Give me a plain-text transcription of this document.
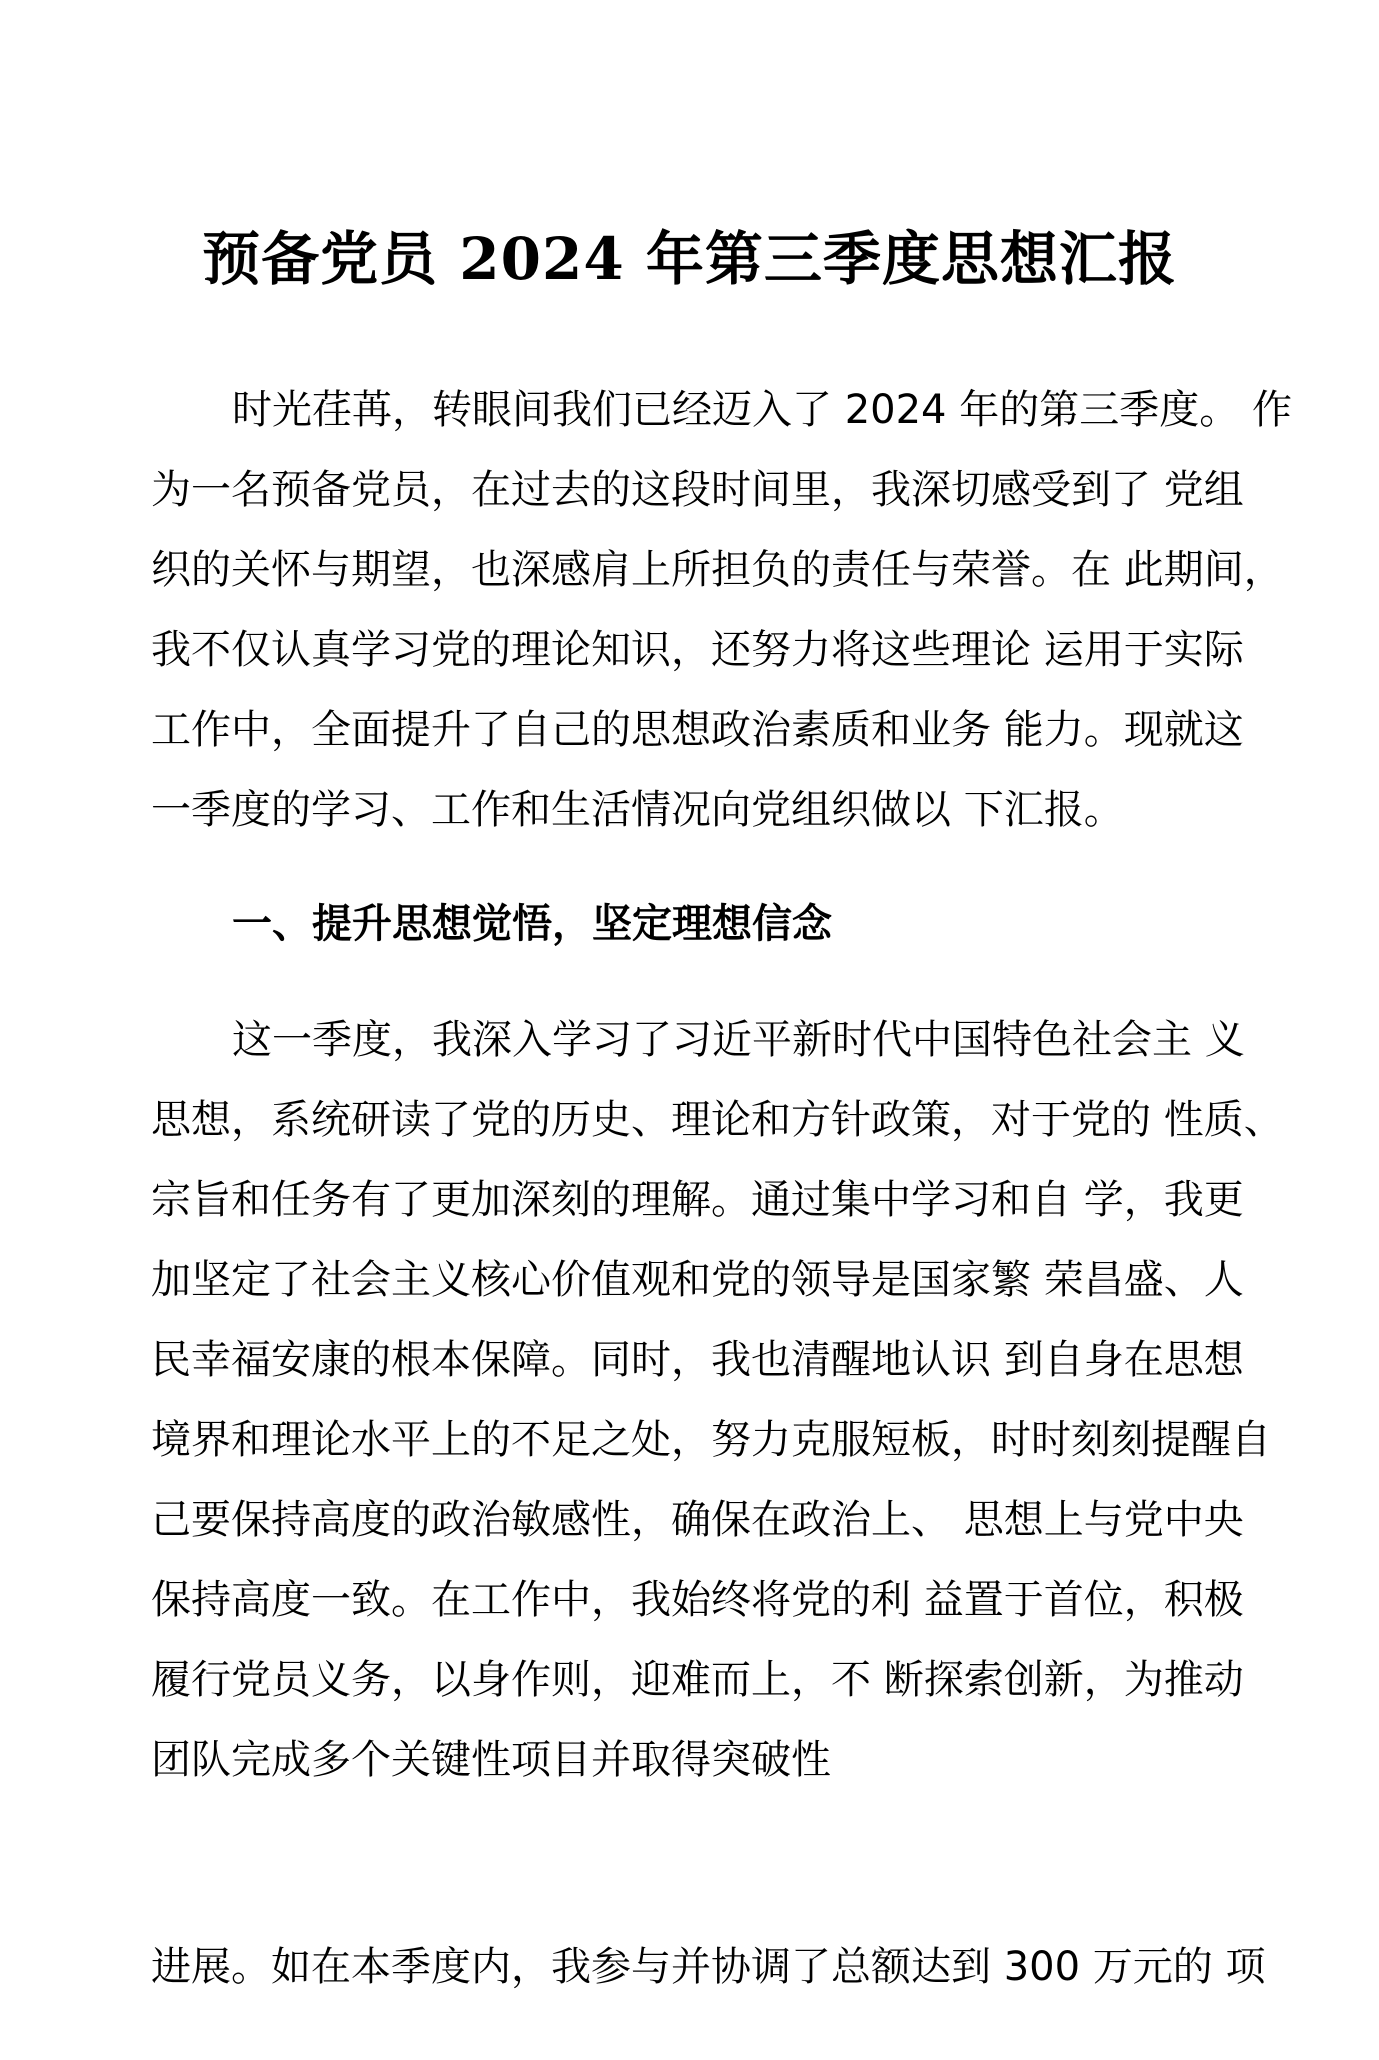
预备党员 2024 年第三季度思想汇报
时光荏苒，转眼间我们已经迈入了 2024 年的第三季度。 作
为一名预备党员，在过去的这段时间里，我深切感受到了 党组
织的关怀与期望，也深感肩上所担负的责任与荣誉。在 此期间，
我不仅认真学习党的理论知识，还努力将这些理论 运用于实际
工作中，全面提升了自己的思想政治素质和业务 能力。现就这
一季度的学习、工作和生活情况向党组织做以 下汇报。
一、提升思想觉悟，坚定理想信念
这一季度，我深入学习了习近平新时代中国特色社会主 义
思想，系统研读了党的历史、理论和方针政策，对于党的 性质、
宗旨和任务有了更加深刻的理解。通过集中学习和自 学，我更
加坚定了社会主义核心价值观和党的领导是国家繁 荣昌盛、人
民幸福安康的根本保障。同时，我也清醒地认识 到自身在思想
境界和理论水平上的不足之处，努力克服短板，时时刻刻提醒自
己要保持高度的政治敏感性，确保在政治上、 思想上与党中央
保持高度一致。在工作中，我始终将党的利 益置于首位，积极
履行党员义务，以身作则，迎难而上，不 断探索创新，为推动
团队完成多个关键性项目并取得突破性
进展。如在本季度内，我参与并协调了总额达到 300 万元的 项
